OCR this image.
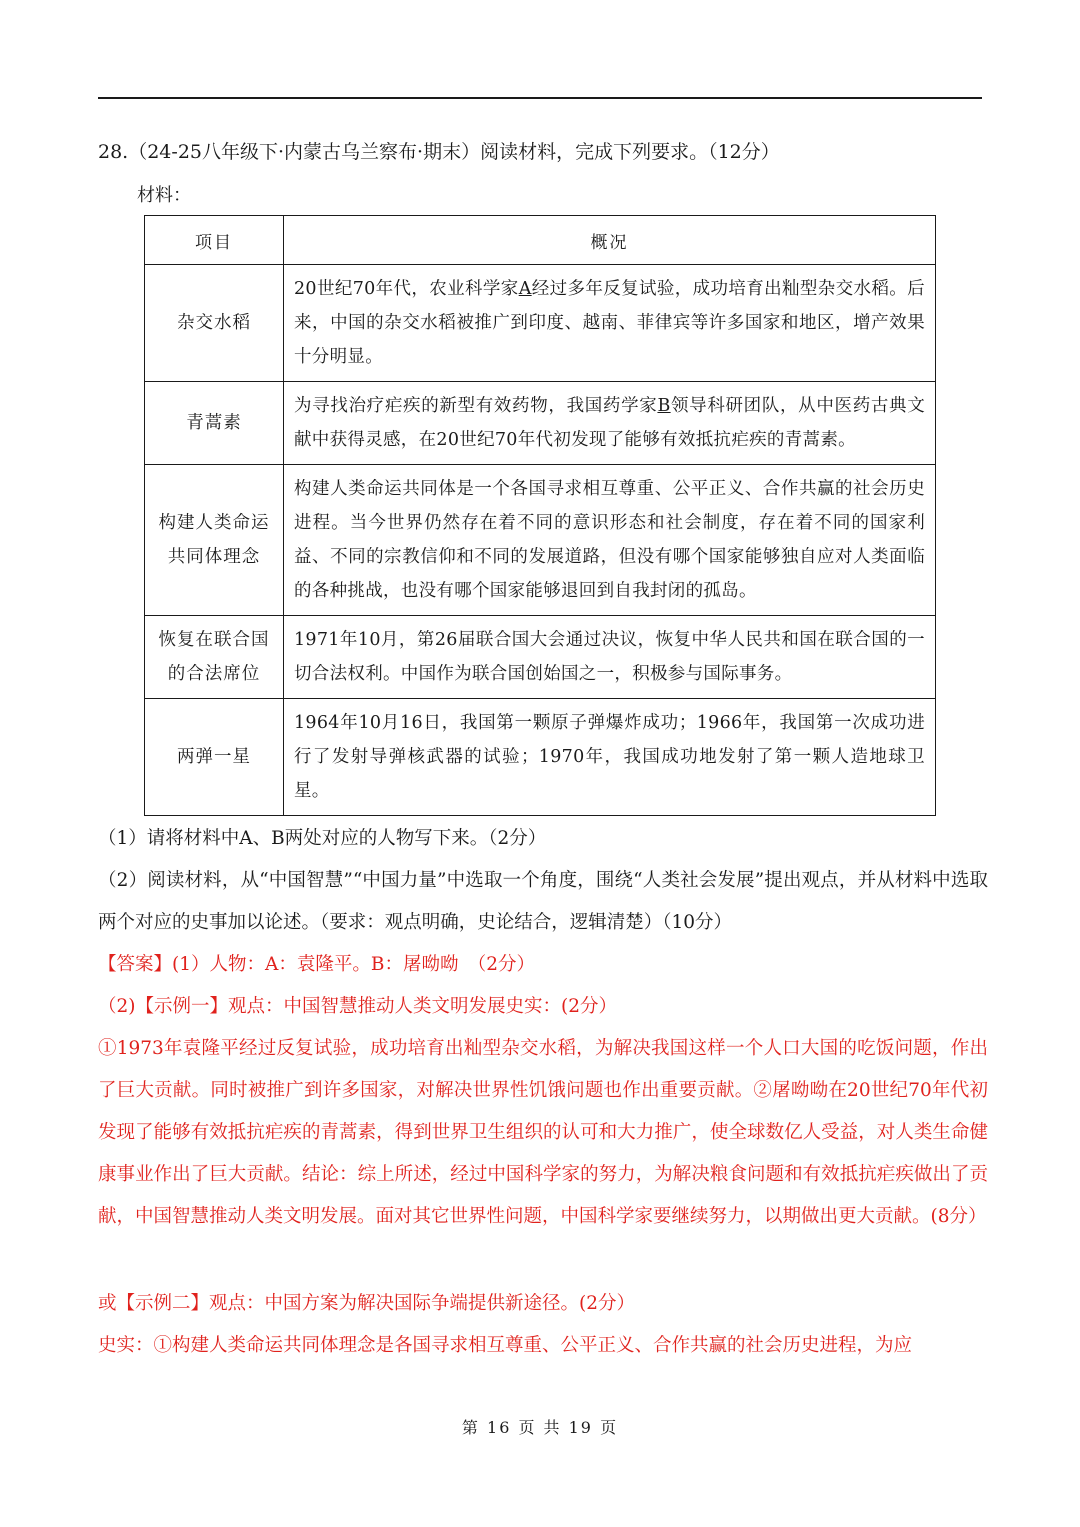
28.（24-25八年级下·内蒙古乌兰察布·期末）阅读材料，完成下列要求。（12分）
材料：
项目	概况
杂交水稻	20世纪70年代，农业科学家A经过多年反复试验，成功培育出籼型杂交水稻。后来，中国的杂交水稻被推广到印度、越南、菲律宾等许多国家和地区，增产效果十分明显。
青蒿素	为寻找治疗疟疾的新型有效药物，我国药学家B领导科研团队，从中医药古典文献中获得灵感，在20世纪70年代初发现了能够有效抵抗疟疾的青蒿素。
构建人类命运
共同体理念	构建人类命运共同体是一个各国寻求相互尊重、公平正义、合作共赢的社会历史进程。当今世界仍然存在着不同的意识形态和社会制度，存在着不同的国家利益、不同的宗教信仰和不同的发展道路，但没有哪个国家能够独自应对人类面临的各种挑战，也没有哪个国家能够退回到自我封闭的孤岛。
恢复在联合国
的合法席位	1971年10月，第26届联合国大会通过决议，恢复中华人民共和国在联合国的一切合法权利。中国作为联合国创始国之一，积极参与国际事务。
两弹一星	1964年10月16日，我国第一颗原子弹爆炸成功；1966年，我国第一次成功进行了发射导弹核武器的试验；1970年，我国成功地发射了第一颗人造地球卫星。
（1）请将材料中A、B两处对应的人物写下来。（2分）
（2）阅读材料，从“中国智慧”“中国力量”中选取一个角度，围绕“人类社会发展”提出观点，并从材料中选取两个对应的史事加以论述。（要求：观点明确，史论结合，逻辑清楚）（10分）
【答案】(1）人物：A：袁隆平。B：屠呦呦　（2分）
（2)【示例一】观点：中国智慧推动人类文明发展史实：(2分）
①1973年袁隆平经过反复试验，成功培育出籼型杂交水稻，为解决我国这样一个人口大国的吃饭问题，作出了巨大贡献。同时被推广到许多国家，对解决世界性饥饿问题也作出重要贡献。②屠呦呦在20世纪70年代初发现了能够有效抵抗疟疾的青蒿素，得到世界卫生组织的认可和大力推广，使全球数亿人受益，对人类生命健康事业作出了巨大贡献。结论：综上所述，经过中国科学家的努力，为解决粮食问题和有效抵抗疟疾做出了贡献，中国智慧推动人类文明发展。面对其它世界性问题，中国科学家要继续努力，以期做出更大贡献。(8分）
或【示例二】观点：中国方案为解决国际争端提供新途径。(2分）
史实：①构建人类命运共同体理念是各国寻求相互尊重、公平正义、合作共赢的社会历史进程，为应
第 16 页 共 19 页
